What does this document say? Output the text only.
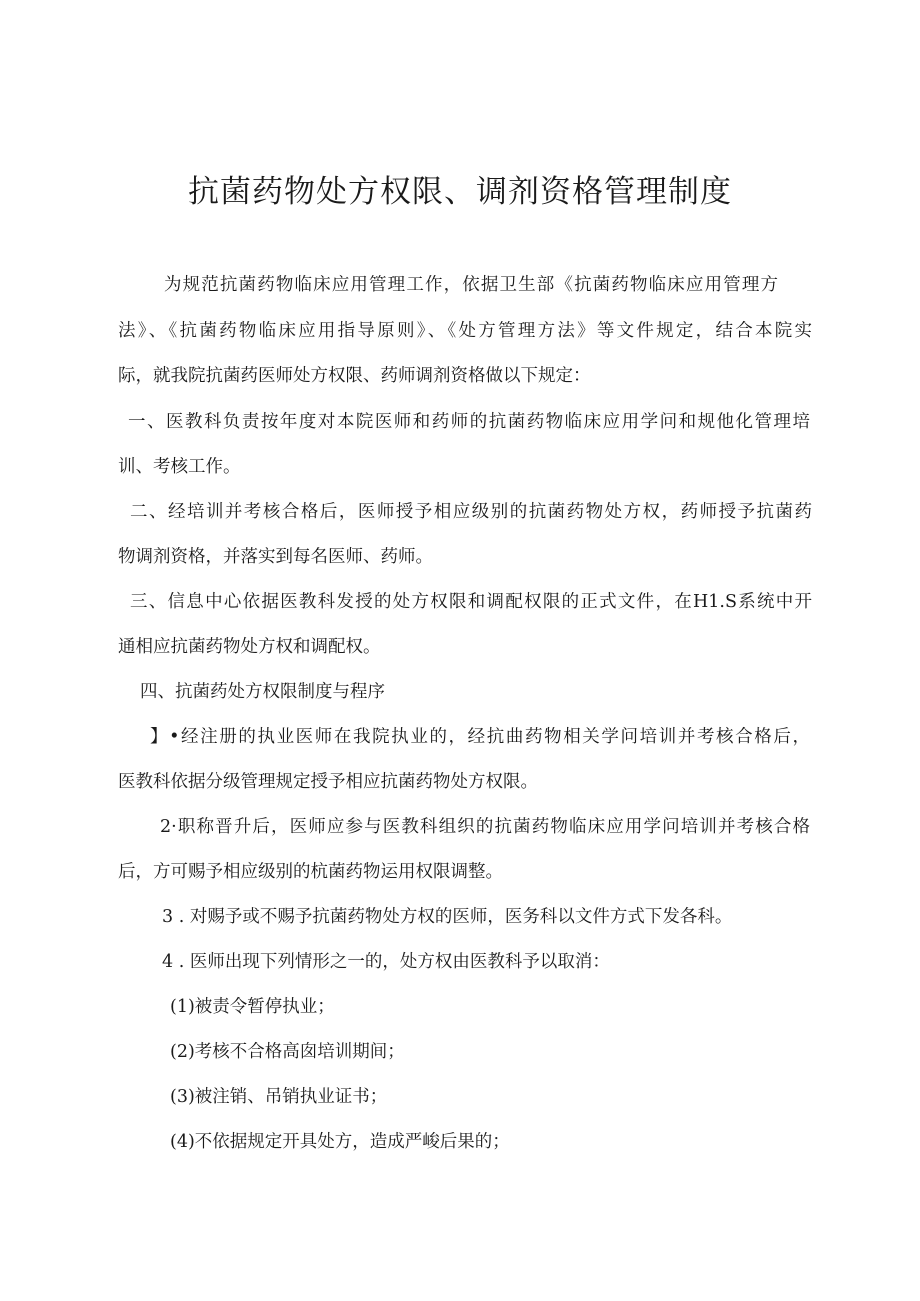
抗菌药物处方权限、调剂资格管理制度
为规范抗菌药物临床应用管理工作，依据卫生部《抗菌药物临床应用管理方
法》、《抗菌药物临床应用指导原则》、《处方管理方法》等文件规定，结合本院实
际，就我院抗菌药医师处方权限、药师调剂资格做以下规定：
一、医教科负责按年度对本院医师和药师的抗菌药物临床应用学问和规他化管理培
训、考核工作。
二、经培训并考核合格后，医师授予相应级别的抗菌药物处方权，药师授予抗菌药
物调剂资格，并落实到每名医师、药师。
三、信息中心依据医教科发授的处方权限和调配权限的正式文件，在H1.S系统中开
通相应抗菌药物处方权和调配权。
四、抗菌药处方权限制度与程序
】•经注册的执业医师在我院执业的，经抗曲药物相关学问培训并考核合格后，
医教科依据分级管理规定授予相应抗菌药物处方权限。
2·职称晋升后，医师应参与医教科组织的抗菌药物临床应用学问培训并考核合格
后，方可赐予相应级别的杭菌药物运用权限调整。
3 . 对赐予或不赐予抗菌药物处方权的医师，医务科以文件方式下发各科。
4 . 医师出现下列情形之一的，处方权由医教科予以取消：
(1)被责令暂停执业；
(2)考核不合格高囱培训期间；
(3)被注销、吊销执业证书；
(4)不依据规定开具处方，造成严峻后果的；
